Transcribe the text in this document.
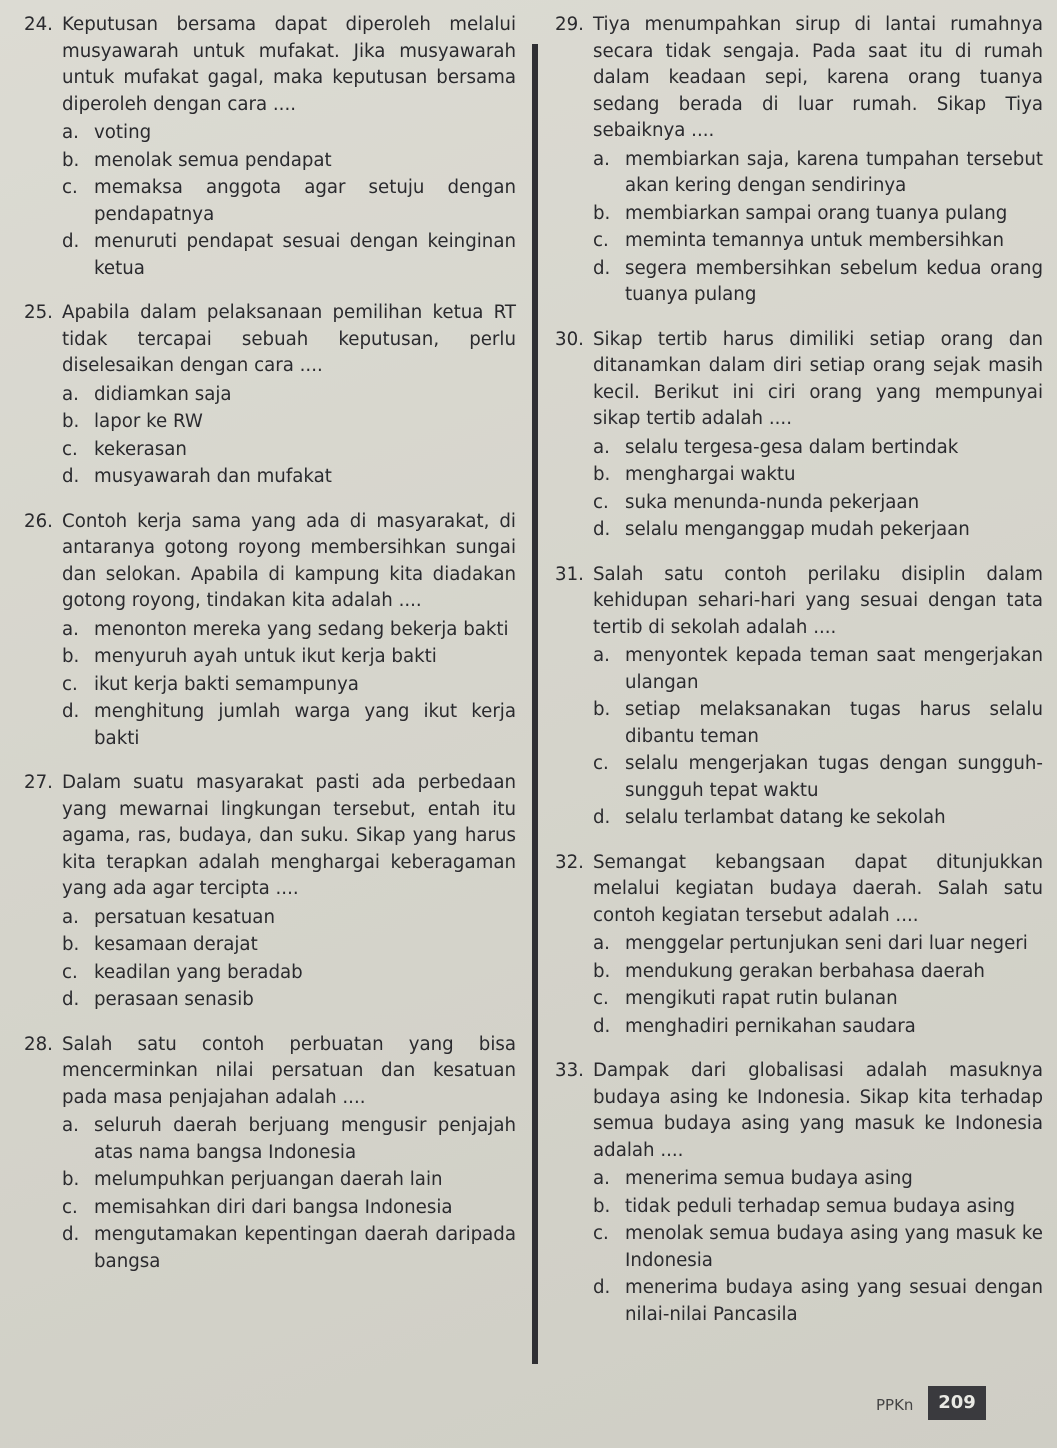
24. Keputusan bersama dapat diperoleh melalui musyawarah untuk mufakat. Jika musyawarah untuk mufakat gagal, maka keputusan bersama diperoleh dengan cara ....

a. voting
b. menolak semua pendapat
c. memaksa anggota agar setuju dengan pendapatnya
d. menuruti pendapat sesuai dengan keinginan ketua

25. Apabila dalam pelaksanaan pemilihan ketua RT tidak tercapai sebuah keputusan, perlu diselesaikan dengan cara ....

a. didiamkan saja
b. lapor ke RW
c. kekerasan
d. musyawarah dan mufakat

26. Contoh kerja sama yang ada di masyarakat, di antaranya gotong royong membersihkan sungai dan selokan. Apabila di kampung kita diadakan gotong royong, tindakan kita adalah ....

a. menonton mereka yang sedang bekerja bakti
b. menyuruh ayah untuk ikut kerja bakti
c. ikut kerja bakti semampunya
d. menghitung jumlah warga yang ikut kerja bakti

27. Dalam suatu masyarakat pasti ada perbedaan yang mewarnai lingkungan tersebut, entah itu agama, ras, budaya, dan suku. Sikap yang harus kita terapkan adalah menghargai keberagaman yang ada agar tercipta ....

a. persatuan kesatuan
b. kesamaan derajat
c. keadilan yang beradab
d. perasaan senasib

28. Salah satu contoh perbuatan yang bisa mencerminkan nilai persatuan dan kesatuan pada masa penjajahan adalah ....

a. seluruh daerah berjuang mengusir penjajah atas nama bangsa Indonesia
b. melumpuhkan perjuangan daerah lain
c. memisahkan diri dari bangsa Indonesia
d. mengutamakan kepentingan daerah daripada bangsa

29. Tiya menumpahkan sirup di lantai rumahnya secara tidak sengaja. Pada saat itu di rumah dalam keadaan sepi, karena orang tuanya sedang berada di luar rumah. Sikap Tiya sebaiknya ....

a. membiarkan saja, karena tumpahan tersebut akan kering dengan sendirinya
b. membiarkan sampai orang tuanya pulang
c. meminta temannya untuk membersihkan
d. segera membersihkan sebelum kedua orang tuanya pulang

30. Sikap tertib harus dimiliki setiap orang dan ditanamkan dalam diri setiap orang sejak masih kecil. Berikut ini ciri orang yang mempunyai sikap tertib adalah ....

a. selalu tergesa-gesa dalam bertindak
b. menghargai waktu
c. suka menunda-nunda pekerjaan
d. selalu menganggap mudah pekerjaan

31. Salah satu contoh perilaku disiplin dalam kehidupan sehari-hari yang sesuai dengan tata tertib di sekolah adalah ....

a. menyontek kepada teman saat mengerjakan ulangan
b. setiap melaksanakan tugas harus selalu dibantu teman
c. selalu mengerjakan tugas dengan sungguh-sungguh tepat waktu
d. selalu terlambat datang ke sekolah

32. Semangat kebangsaan dapat ditunjukkan melalui kegiatan budaya daerah. Salah satu contoh kegiatan tersebut adalah ....

a. menggelar pertunjukan seni dari luar negeri
b. mendukung gerakan berbahasa daerah
c. mengikuti rapat rutin bulanan
d. menghadiri pernikahan saudara

33. Dampak dari globalisasi adalah masuknya budaya asing ke Indonesia. Sikap kita terhadap semua budaya asing yang masuk ke Indonesia adalah ....

a. menerima semua budaya asing
b. tidak peduli terhadap semua budaya asing
c. menolak semua budaya asing yang masuk ke Indonesia
d. menerima budaya asing yang sesuai dengan nilai-nilai Pancasila
PPKn	209
